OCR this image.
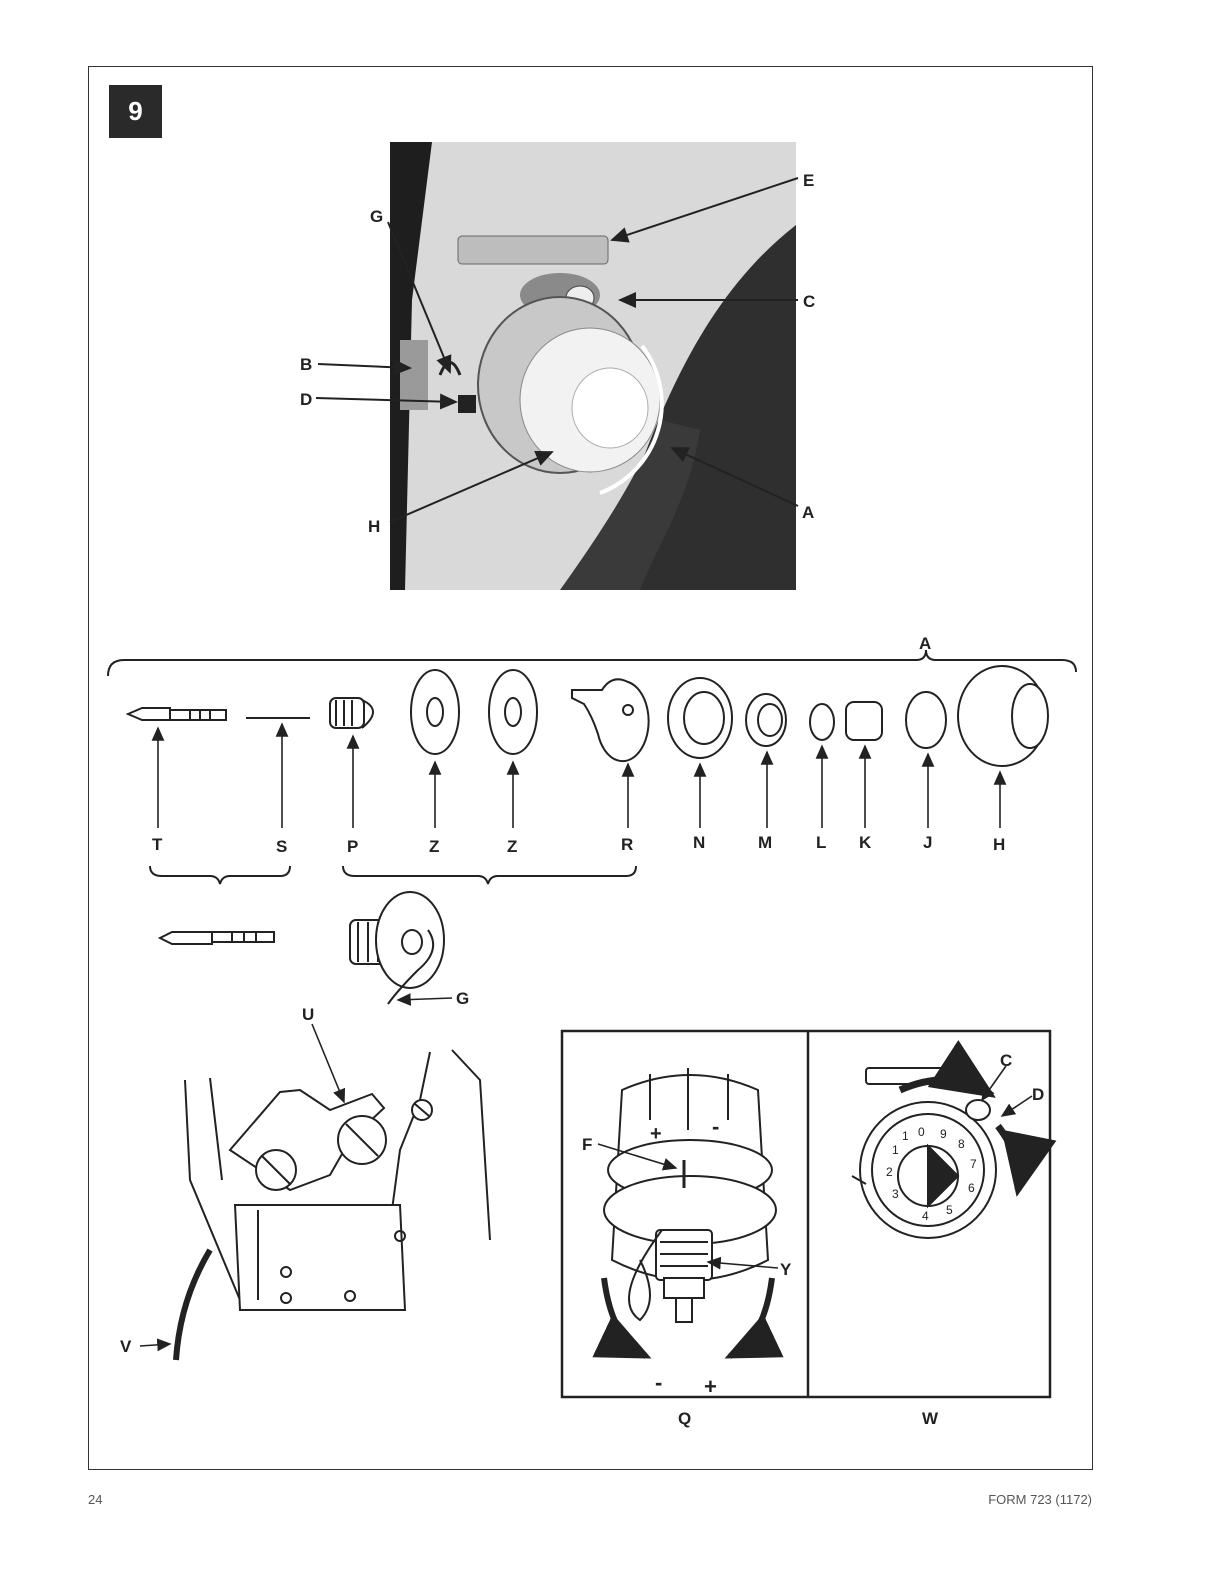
9
E
G
C
B
D
H
A
A
T	S	P	Z	Z	R	N	M	L K	J	H
G
U
V
+ -
- +
F
Y
Q
0 9
8
7
6
5
4
3
2
1
1
C
D
W
24	FORM 723 (1172)
